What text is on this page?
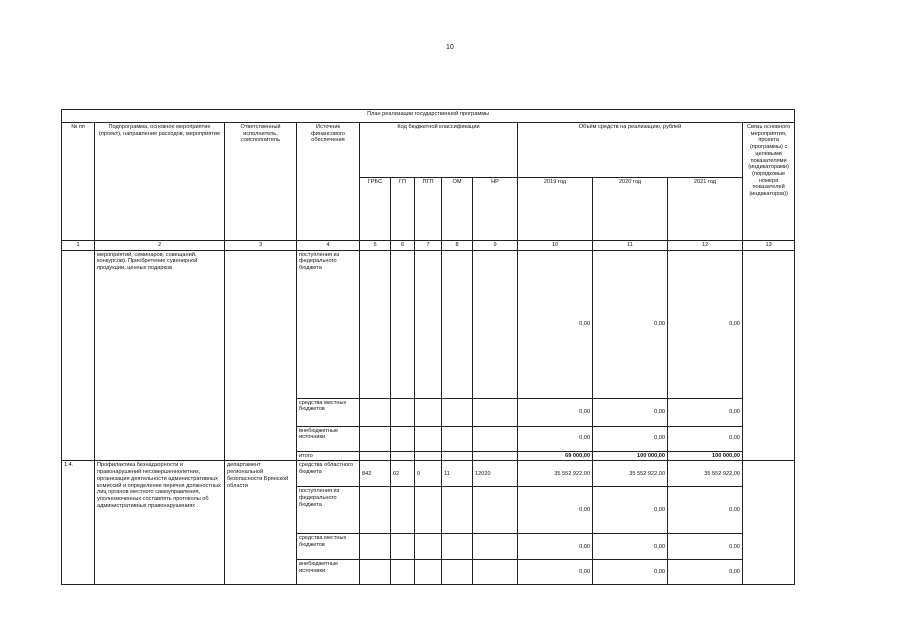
10
План реализации государственной программы												
№ пп	Подпрограмма, основное мероприятие (проект), направление расходов, мероприятие	Ответственный исполнитель, соисполнитель	Источник финансового обеспечения	Код бюджетной классификации					Объём средств на реализацию, рублей			Связь основного мероприятия, проекта (программы) с целевыми показателями (индикаторами) (порядковые номера показателей (индикаторов))
				ГРБС	ГП	ПГП	ОМ	НР	2019 год	2020 год	2021 год	
1	2	3	4	5	6	7	8	9	10	11	12	13
	мероприятий, семинаров, совещаний, конкурсов). Приобретение сувенирной продукции, ценных подарков		поступления из федерального бюджета						0,00	0,00	0,00	
			средства местных бюджетов						0,00	0,00	0,00	
			внебюджетные источники						0,00	0,00	0,00	
			итого						69 000,00	100 000,00	100 000,00	
1.4.	Профилактика безнадзорности и правонарушений несовершеннолетних, организация деятельности административных комиссий и определение перечня должностных лиц органов местного самоуправления, уполномоченных составлять протоколы об административных правонарушениях	департамент региональной безопасности Брянской области	средства областного бюджета	842	02	0	11	12020	35 552 922,00	35 552 922,00	35 552 922,00	
			поступления из федерального бюджета						0,00	0,00	0,00	
			средства местных бюджетов						0,00	0,00	0,00	
			внебюджетные источники						0,00	0,00	0,00	
